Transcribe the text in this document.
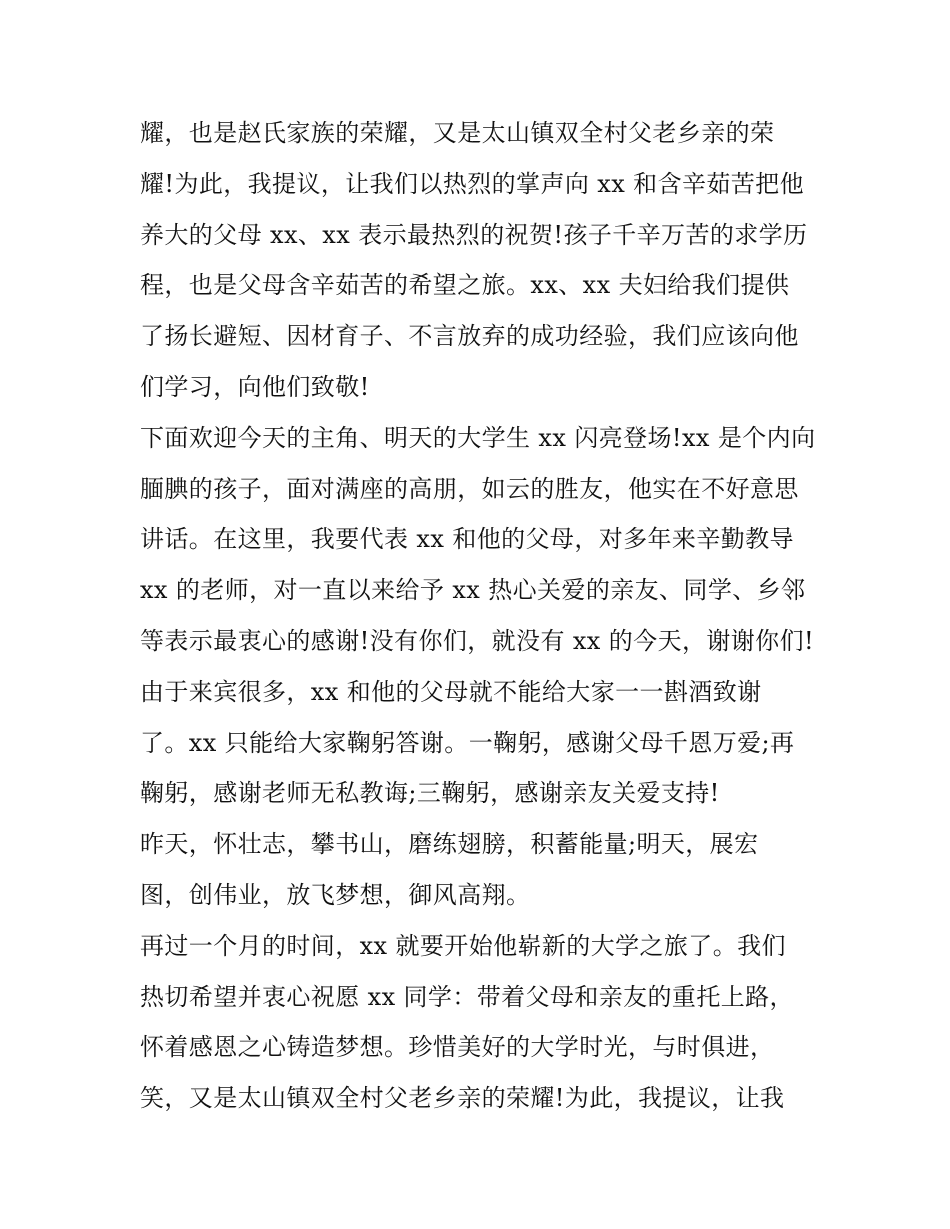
耀，也是赵氏家族的荣耀，又是太山镇双全村父老乡亲的荣
耀!为此，我提议，让我们以热烈的掌声向 xx 和含辛茹苦把他
养大的父母 xx、xx 表示最热烈的祝贺!孩子千辛万苦的求学历
程，也是父母含辛茹苦的希望之旅。xx、xx 夫妇给我们提供
了扬长避短、因材育子、不言放弃的成功经验，我们应该向他
们学习，向他们致敬!
下面欢迎今天的主角、明天的大学生 xx 闪亮登场!xx 是个内向
腼腆的孩子，面对满座的高朋，如云的胜友，他实在不好意思
讲话。在这里，我要代表 xx 和他的父母，对多年来辛勤教导
xx 的老师，对一直以来给予 xx 热心关爱的亲友、同学、乡邻
等表示最衷心的感谢!没有你们，就没有 xx 的今天，谢谢你们!
由于来宾很多，xx 和他的父母就不能给大家一一斟酒致谢
了。xx 只能给大家鞠躬答谢。一鞠躬，感谢父母千恩万爱;再
鞠躬，感谢老师无私教诲;三鞠躬，感谢亲友关爱支持!
昨天，怀壮志，攀书山，磨练翅膀，积蓄能量;明天，展宏
图，创伟业，放飞梦想，御风高翔。
再过一个月的时间，xx 就要开始他崭新的大学之旅了。我们
热切希望并衷心祝愿 xx 同学：带着父母和亲友的重托上路，
怀着感恩之心铸造梦想。珍惜美好的大学时光，与时俱进，
笑，又是太山镇双全村父老乡亲的荣耀!为此，我提议，让我
